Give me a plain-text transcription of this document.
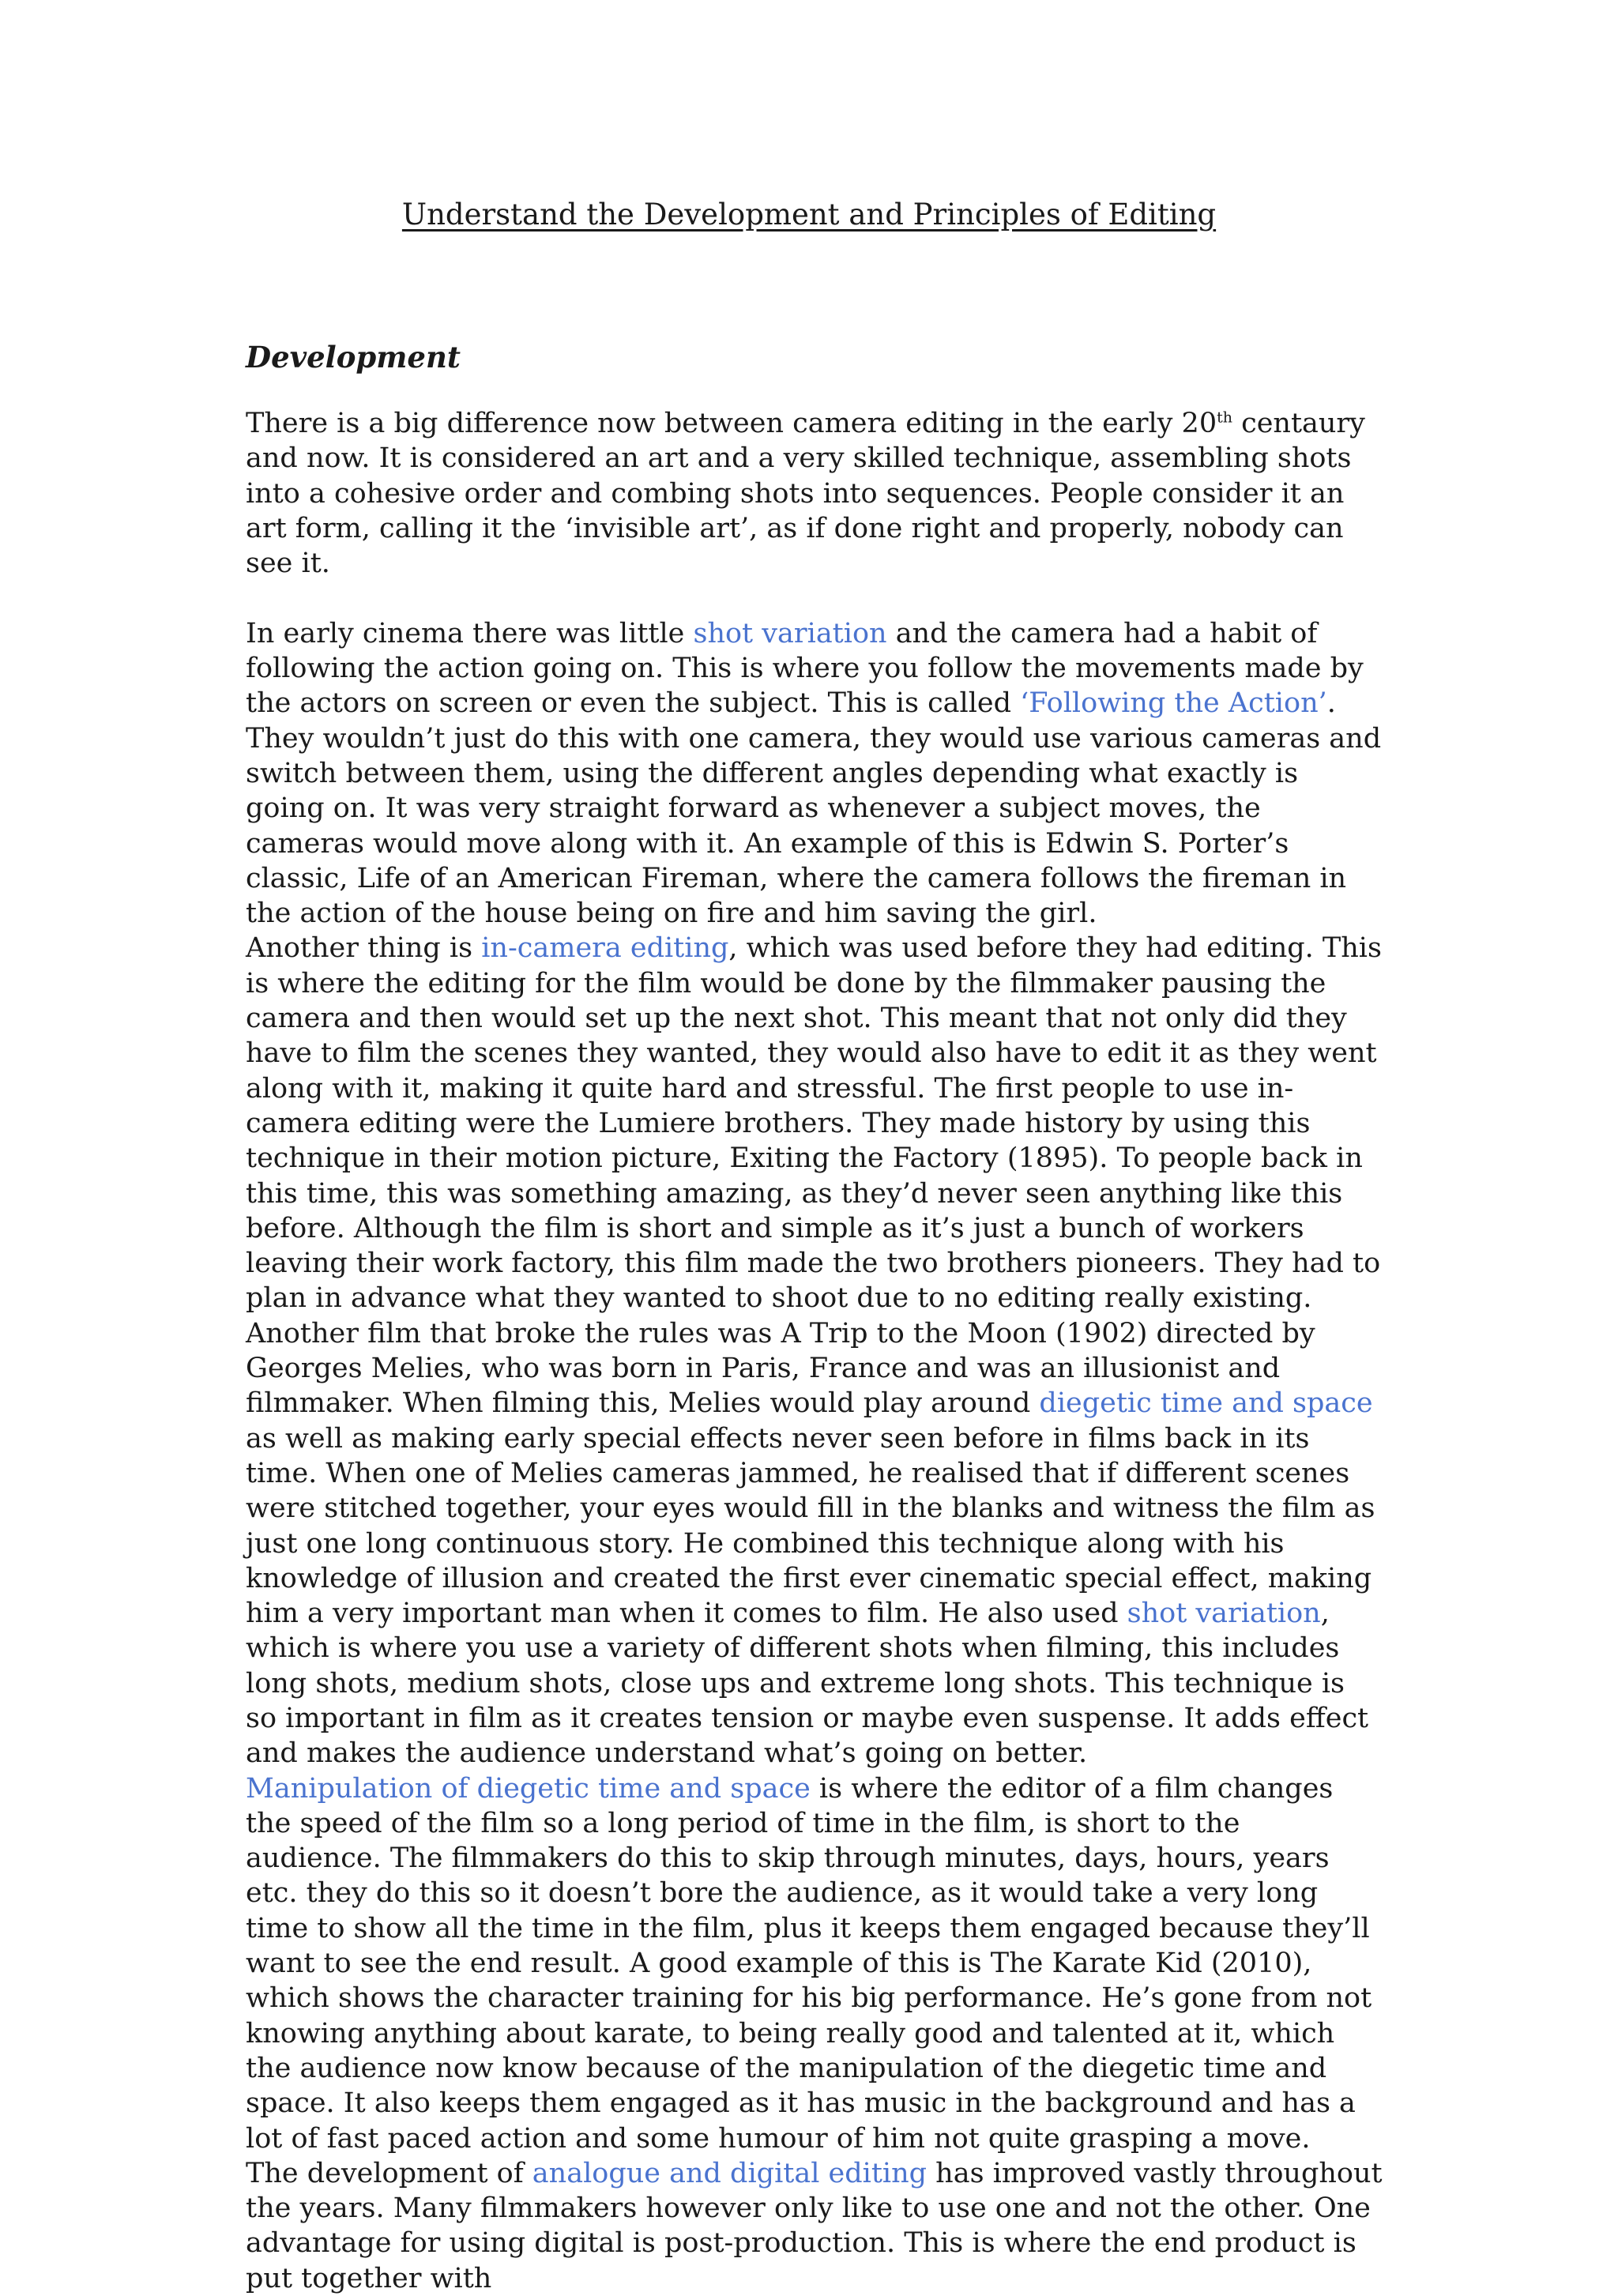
Understand the Development and Principles of Editing
Development

There is a big difference now between camera editing in the early 20th centaury and now. It is considered an art and a very skilled technique, assembling shots into a cohesive order and combing shots into sequences. People consider it an art form, calling it the ‘invisible art’, as if done right and properly, nobody can see it.

In early cinema there was little shot variation and the camera had a habit of following the action going on. This is where you follow the movements made by the actors on screen or even the subject. This is called ‘Following the Action’. They wouldn’t just do this with one camera, they would use various cameras and switch between them, using the different angles depending what exactly is going on. It was very straight forward as whenever a subject moves, the cameras would move along with it. An example of this is Edwin S. Porter’s classic, Life of an American Fireman, where the camera follows the fireman in the action of the house being on fire and him saving the girl.

Another thing is in-camera editing, which was used before they had editing. This is where the editing for the film would be done by the filmmaker pausing the camera and then would set up the next shot. This meant that not only did they have to film the scenes they wanted, they would also have to edit it as they went along with it, making it quite hard and stressful. The first people to use in-camera editing were the Lumiere brothers. They made history by using this technique in their motion picture, Exiting the Factory (1895). To people back in this time, this was something amazing, as they’d never seen anything like this before. Although the film is short and simple as it’s just a bunch of workers leaving their work factory, this film made the two brothers pioneers. They had to plan in advance what they wanted to shoot due to no editing really existing. Another film that broke the rules was A Trip to the Moon (1902) directed by Georges Melies, who was born in Paris, France and was an illusionist and filmmaker. When filming this, Melies would play around diegetic time and space as well as making early special effects never seen before in films back in its time. When one of Melies cameras jammed, he realised that if different scenes were stitched together, your eyes would fill in the blanks and witness the film as just one long continuous story. He combined this technique along with his knowledge of illusion and created the first ever cinematic special effect, making him a very important man when it comes to film. He also used shot variation, which is where you use a variety of different shots when filming, this includes long shots, medium shots, close ups and extreme long shots. This technique is so important in film as it creates tension or maybe even suspense. It adds effect and makes the audience understand what’s going on better.

Manipulation of diegetic time and space is where the editor of a film changes the speed of the film so a long period of time in the film, is short to the audience. The filmmakers do this to skip through minutes, days, hours, years etc. they do this so it doesn’t bore the audience, as it would take a very long time to show all the time in the film, plus it keeps them engaged because they’ll want to see the end result. A good example of this is The Karate Kid (2010), which shows the character training for his big performance. He’s gone from not knowing anything about karate, to being really good and talented at it, which the audience now know because of the manipulation of the diegetic time and space. It also keeps them engaged as it has music in the background and has a lot of fast paced action and some humour of him not quite grasping a move.

The development of analogue and digital editing has improved vastly throughout the years. Many filmmakers however only like to use one and not the other. One advantage for using digital is post-production. This is where the end product is put together with
